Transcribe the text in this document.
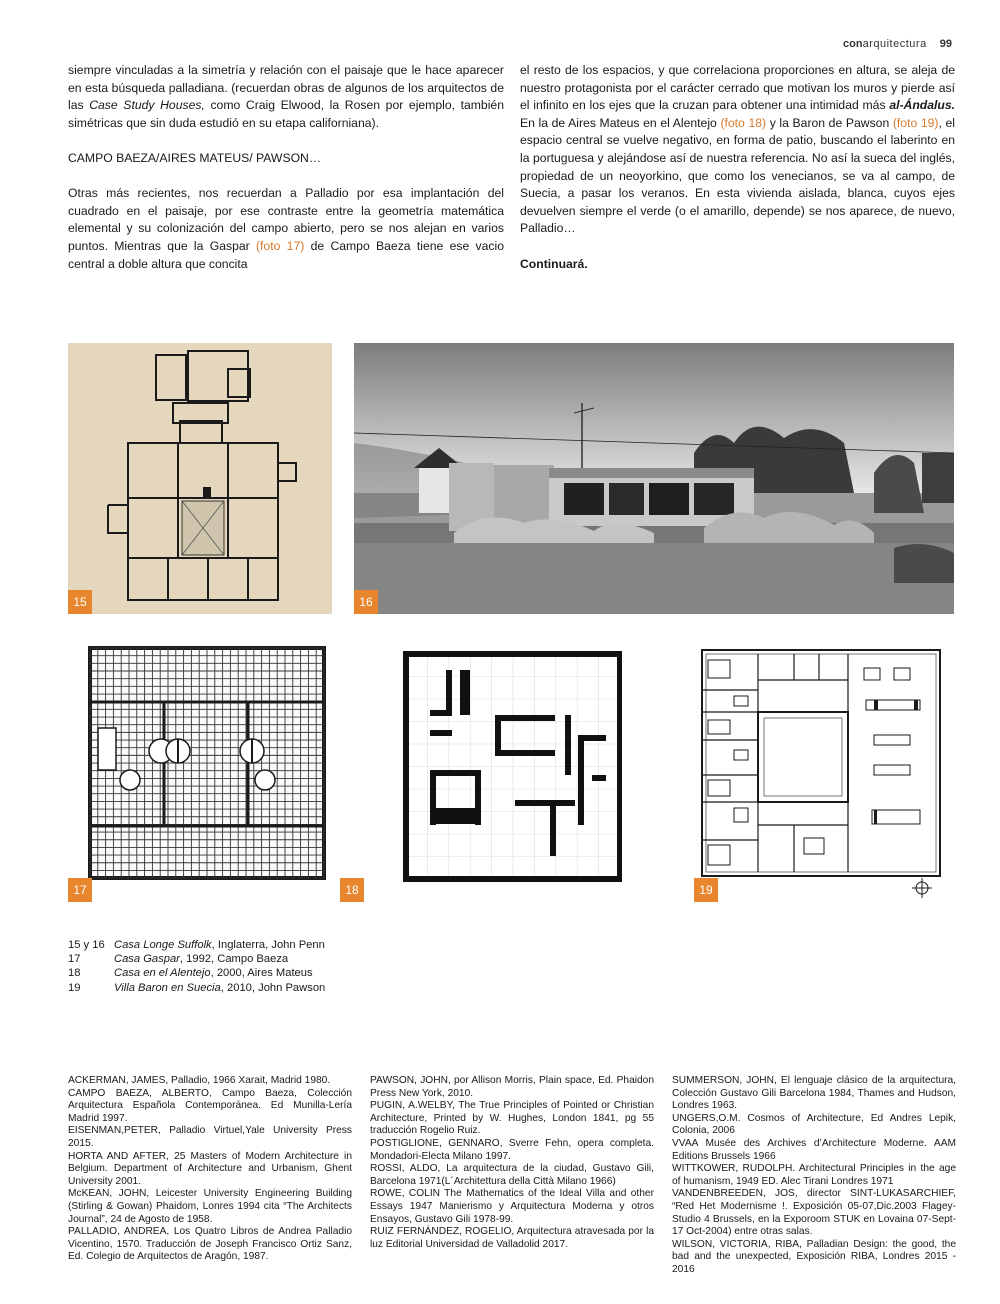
conarquitectura 99

siempre vinculadas a la simetría y relación con el paisaje que le hace aparecer en esta búsqueda palladiana. (recuerdan obras de algunos de los arquitectos de las Case Study Houses, como Craig Elwood, la Rosen por ejemplo, también simétricas que sin duda estudió en su etapa californiana).

CAMPO BAEZA/AIRES MATEUS/ PAWSON…

Otras más recientes, nos recuerdan a Palladio por esa implantación del cuadrado en el paisaje, por ese contraste entre la geometría matemática elemental y su colonización del campo abierto, pero se nos alejan en varios puntos. Mientras que la Gaspar (foto 17) de Campo Baeza tiene ese vacio central a doble altura que concita

el resto de los espacios, y que correlaciona proporciones en altura, se aleja de nuestro protagonista por el carácter cerrado que motivan los muros y pierde así el infinito en los ejes que la cruzan para obtener una intimidad más al-Ándalus. En la de Aires Mateus en el Alentejo (foto 18) y la Baron de Pawson (foto 19), el espacio central se vuelve negativo, en forma de patio, buscando el laberinto en la portuguesa y alejándose así de nuestra referencia. No así la sueca del inglés, propiedad de un neoyorkino, que como los venecianos, se va al campo, de Suecia, a pasar los veranos. En esta vivienda aislada, blanca, cuyos ejes devuelven siempre el verde (o el amarillo, depende) se nos aparece, de nuevo, Palladio…

Continuará.

15	16
17	18	19
15 y 16 Casa Longe Suffolk, Inglaterra, John Penn
17	Casa Gaspar, 1992, Campo Baeza
18	Casa en el Alentejo, 2000, Aires Mateus
19	Villa Baron en Suecia, 2010, John Pawson

ACKERMAN, JAMES, Palladio, 1966 Xarait, Madrid 1980.

CAMPO BAEZA, ALBERTO, Campo Baeza, Colección Arquitectura Española Contemporánea. Ed Munilla-Lería Madrid 1997.

EISENMAN,PETER, Palladio Virtuel,Yale University Press 2015.

HORTA AND AFTER, 25 Masters of Modern Architecture in Belgium. Department of Architecture and Urbanism, Ghent University 2001.

McKEAN, JOHN, Leicester University Engineering Building (Stirling & Gowan) Phaidom, Lonres 1994 cita “The Architects Journal”, 24 de Agosto de 1958.

PALLADIO, ANDREA, Los Quatro Libros de Andrea Palladio Vicentino, 1570. Traducción de Joseph Francisco Ortiz Sanz, Ed. Colegio de Arquitectos de Aragón, 1987.

PAWSON, JOHN, por Allison Morris, Plain space, Ed. Phaidon Press New York, 2010.

PUGIN, A.WELBY, The True Principles of Pointed or Christian Architecture, Printed by W. Hughes, London 1841, pg 55 traducción Rogelio Ruiz.

POSTIGLIONE, GENNARO, Sverre Fehn, opera completa. Mondadori-Electa Milano 1997.

ROSSI, ALDO, La arquitectura de la ciudad, Gustavo Gili, Barcelona 1971(L´Architettura della Città Milano 1966)

ROWE, COLIN The Mathematics of the Ideal Villa and other Essays 1947 Manierismo y Arquitectura Moderna y otros Ensayos, Gustavo Gili 1978-99.

RUIZ FERNÁNDEZ, ROGELIO, Arquitectura atravesada por la luz Editorial Universidad de Valladolid 2017.

SUMMERSON, JOHN, El lenguaje clásico de la arquitectura, Colección Gustavo Gili Barcelona 1984, Thames and Hudson, Londres 1963.

UNGERS,O.M. Cosmos of Architecture, Ed Andres Lepik, Colonia, 2006

VVAA Musée des Archives d’Architecture Moderne. AAM Editions Brussels 1966

WITTKOWER, RUDOLPH. Architectural Principles in the age of humanism, 1949 ED. Alec Tirani Londres 1971

VANDENBREEDEN, JOS, director SINT-LUKASARCHIEF, “Red Het Modernisme !. Exposición 05-07,Dic.2003 Flagey-Studio 4 Brussels, en la Exporoom STUK en Lovaina 07-Sept-17 Oct-2004) entre otras salas.

WILSON, VICTORIA, RIBA, Palladian Design: the good, the bad and the unexpected, Exposición RIBA, Londres 2015 - 2016
